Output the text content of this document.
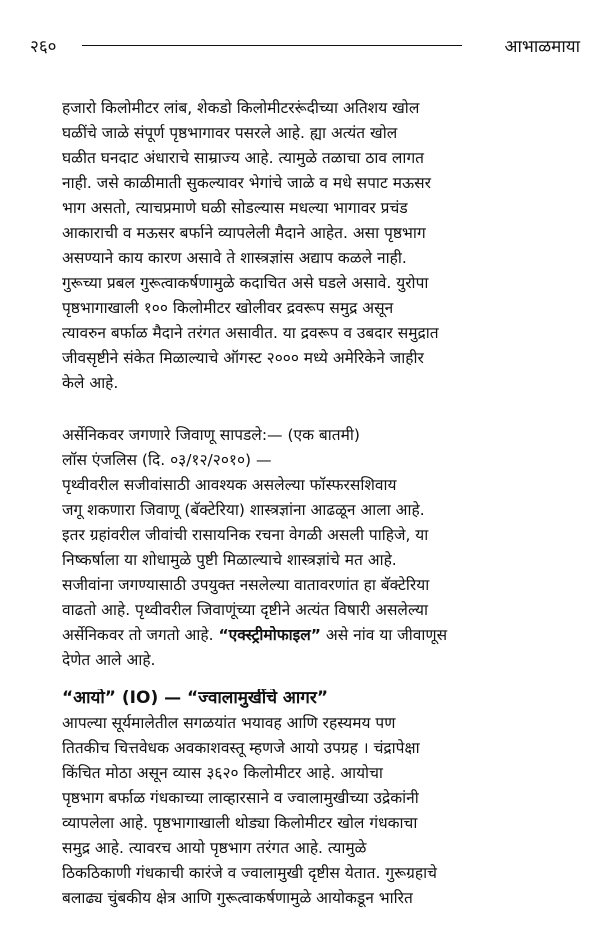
२६०	आभाळमाया
हजारो किलोमीटर लांब, शेकडो किलोमीटररूंदीच्या अतिशय खोल
घळींचे जाळे संपूर्ण पृष्ठभागावर पसरले आहे. ह्या अत्यंत खोल
घळीत घनदाट अंधाराचे साम्राज्य आहे. त्यामुळे तळाचा ठाव लागत
नाही. जसे काळीमाती सुकल्यावर भेगांचे जाळे व मधे सपाट मऊसर
भाग असतो, त्याचप्रमाणे घळी सोडल्यास मधल्या भागावर प्रचंड
आकाराची व मऊसर बर्फाने व्यापलेली मैदाने आहेत. असा पृष्ठभाग
असण्याने काय कारण असावे ते शास्त्रज्ञांस अद्याप कळले नाही.
गुरूच्या प्रबल गुरूत्वाकर्षणामुळे कदाचित असे घडले असावे. युरोपा
पृष्ठभागाखाली १०० किलोमीटर खोलीवर द्रवरूप समुद्र असून
त्यावरुन बर्फाळ मैदाने तरंगत असावीत. या द्रवरूप व उबदार समुद्रात
जीवसृष्टीने संकेत मिळाल्याचे ऑगस्ट २००० मध्ये अमेरिकेने जाहीर
केले आहे.
अर्सेनिकवर जगणारे जिवाणू सापडले:— (एक बातमी)
लॉस एंजलिस (दि. ०३/१२/२०१०) —
पृथ्वीवरील सजीवांसाठी आवश्यक असलेल्या फॉस्फरसशिवाय
जगू शकणारा जिवाणू (बॅक्टेरिया) शास्त्रज्ञांना आढळून आला आहे.
इतर ग्रहांवरील जीवांची रासायनिक रचना वेगळी असली पाहिजे, या
निष्कर्षाला या शोधामुळे पुष्टी मिळाल्याचे शास्त्रज्ञांचे मत आहे.
सजीवांना जगण्यासाठी उपयुक्त नसलेल्या वातावरणांत हा बॅक्टेरिया
वाढतो आहे. पृथ्वीवरील जिवाणूंच्या दृष्टीने अत्यंत विषारी असलेल्या
अर्सेनिकवर तो जगतो आहे. “एक्स्ट्रीमोफाइल” असे नांव या जीवाणूस
देणेत आले आहे.
“आयो” (IO) — “ज्वालामुखींचे आगर”
आपल्या सूर्यमालेतील सगळयांत भयावह आणि रहस्यमय पण
तितकीच चित्तवेधक अवकाशवस्तू म्हणजे आयो उपग्रह । चंद्रापेक्षा
किंचित मोठा असून व्यास ३६२० किलोमीटर आहे. आयोचा
पृष्ठभाग बर्फाळ गंधकाच्या लाव्हारसाने व ज्वालामुखीच्या उद्रेकांनी
व्यापलेला आहे. पृष्ठभागाखाली थोड्या किलोमीटर खोल गंधकाचा
समुद्र आहे. त्यावरच आयो पृष्ठभाग तरंगत आहे. त्यामुळे
ठिकठिकाणी गंधकाची कारंजे व ज्वालामुखी दृष्टीस येतात. गुरूग्रहाचे
बलाढ्य चुंबकीय क्षेत्र आणि गुरूत्वाकर्षणामुळे आयोकडून भारित
